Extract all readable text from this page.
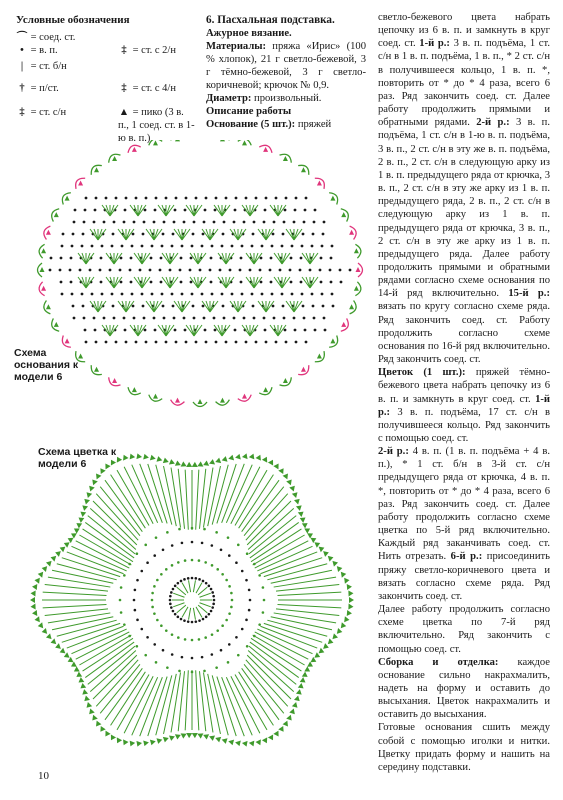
Условные обозначения
⌒ = соед. ст.
• = в. п.
| = ст. б/н
† = п/ст.
‡ = ст. с/н
‡ = ст. с 2/н
‡ = ст. с 4/н
▲ = пико (3 в. п., 1 соед. ст. в 1-ю в. п.)
6. Пасхальная подставка.
Ажурное вязание.
Материалы: пряжа «Ирис» (100 % хлопок), 21 г светло-бежевой, 3 г тёмно-бежевой, 3 г светло-коричневой; крючок № 0,9.
Диаметр: произвольный.
Описание работы
Основание (5 шт.): пряжей

светло-бежевого цвета набрать цепочку из 6 в. п. и замкнуть в круг соед. ст. 1-й р.: 3 в. п. подъёма, 1 ст. с/н в 1 в. п. подъёма, 1 в. п., * 2 ст. с/н в получившееся кольцо, 1 в. п. *, повторить от * до * 4 раза, всего 6 раз. Ряд закончить соед. ст. Далее работу продолжить прямыми и обратными рядами. 2-й р.: 3 в. п. подъёма, 1 ст. с/н в 1-ю в. п. подъёма, 3 в. п., 2 ст. с/н в эту же в. п. подъёма, 2 в. п., 2 ст. с/н в следующую арку из 1 в. п. предыдущего ряда от крючка, 3 в. п., 2 ст. с/н в эту же арку из 1 в. п. предыдущего ряда, 2 в. п., 2 ст. с/н в следующую арку из 1 в. п. предыдущего ряда от крючка, 3 в. п., 2 ст. с/н в эту же арку из 1 в. п. предыдущего ряда. Далее работу продолжить прямыми и обратными рядами согласно схеме основания по 14-й ряд включительно. 15-й р.: вязать по кругу согласно схеме ряда. Ряд закончить соед. ст. Работу продолжить согласно схеме основания по 16-й ряд включительно. Ряд закончить соед. ст.

Цветок (1 шт.): пряжей тёмно-бежевого цвета набрать цепочку из 6 в. п. и замкнуть в круг соед. ст. 1-й р.: 3 в. п. подъёма, 17 ст. с/н в получившееся кольцо. Ряд закончить с помощью соед. ст.

2-й р.: 4 в. п. (1 в. п. подъёма + 4 в. п.), * 1 ст. б/н в 3-й ст. с/н предыдущего ряда от крючка, 4 в. п. *, повторить от * до * 4 раза, всего 6 раз. Ряд закончить соед. ст. Далее работу продолжить согласно схеме цветка по 5-й ряд включительно. Каждый ряд заканчивать соед. ст. Нить отрезать. 6-й р.: присоединить пряжу светло-коричневого цвета и вязать согласно схеме ряда. Ряд закончить соед. ст.

Далее работу продолжить согласно схеме цветка по 7-й ряд включительно. Ряд закончить с помощью соед. ст.

Сборка и отделка: каждое основание сильно накрахмалить, надеть на форму и оставить до высыхания. Цветок накрахмалить и оставить до высыхания.

Готовые основания сшить между собой с помощью иголки и нитки. Цветку придать форму и нашить на середину подставки.

Схема основания к модели 6
Схема цветка к модели 6
10
